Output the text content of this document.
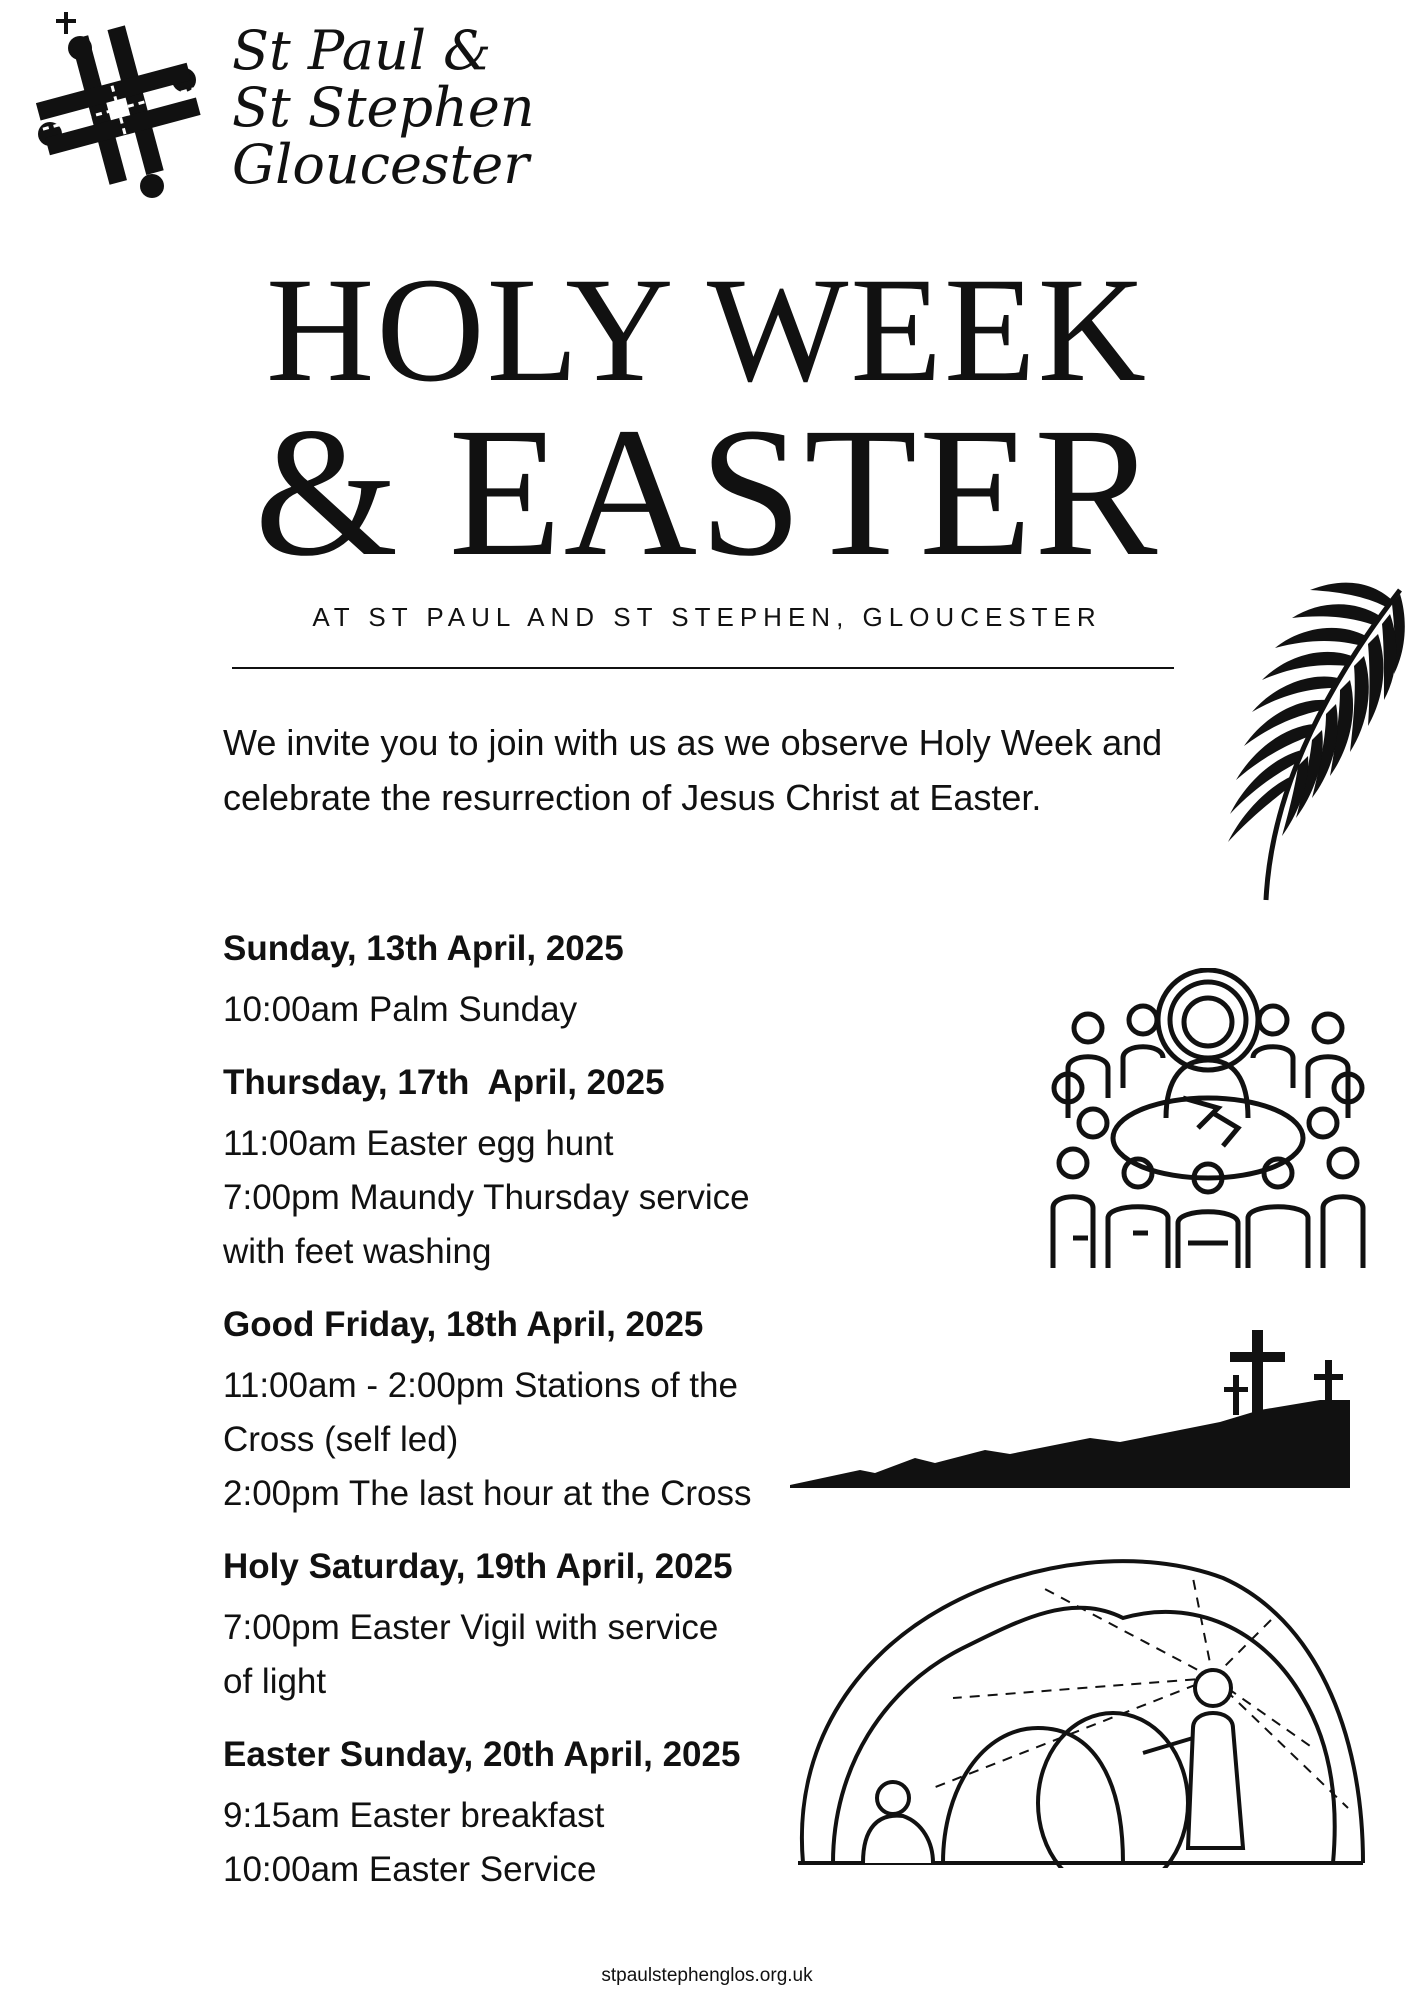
St Paul &
St Stephen
Gloucester
HOLY WEEK
& EASTER
AT ST PAUL AND ST STEPHEN, GLOUCESTER
We invite you to join with us as we observe Holy Week and celebrate the resurrection of Jesus Christ at Easter.
Sunday, 13th April, 2025
10:00am Palm Sunday
Thursday, 17th  April, 2025
11:00am Easter egg hunt
7:00pm Maundy Thursday service
with feet washing
Good Friday, 18th April, 2025
11:00am - 2:00pm Stations of the
Cross (self led)
2:00pm The last hour at the Cross
Holy Saturday, 19th April, 2025
7:00pm Easter Vigil with service
of light
Easter Sunday, 20th April, 2025
9:15am Easter breakfast
10:00am Easter Service
stpaulstephenglos.org.uk
